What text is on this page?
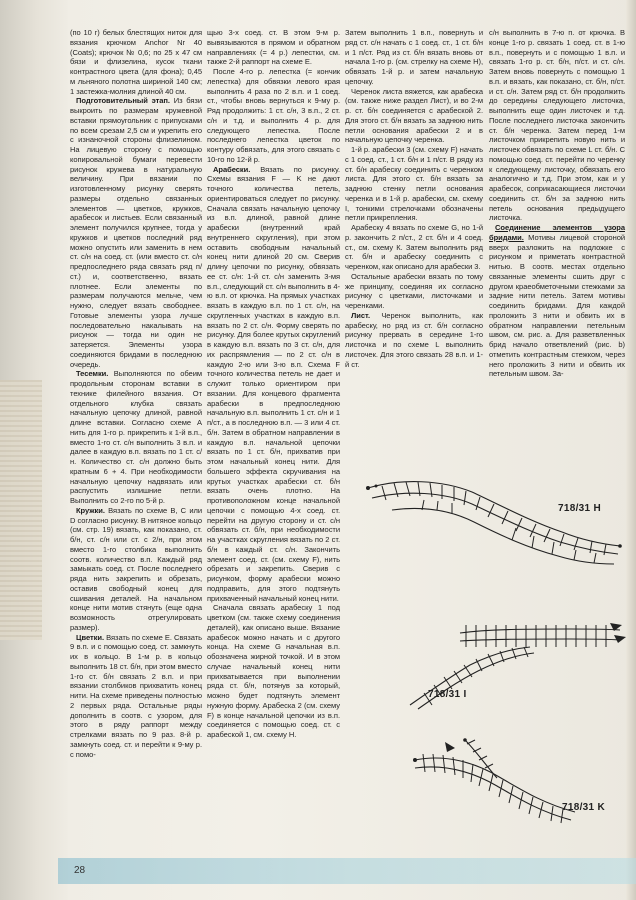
(по 10 г) белых блестящих ниток для вязания крючком Anchor Nr 40 (Coats); крючок № 0,6; по 25 х 47 см бязи и флизелина, кусок ткани контрастного цвета (для фона); 0,45 м льняного полотна шириной 140 см; 1 застежка-молния длиной 40 см.

Подготовительный этап. Из бязи выкроить по размерам кружевной вставки прямоугольник с припусками по всем срезам 2,5 см и укрепить его с изнаночной стороны флизелином. На лицевую сторону с помощью копировальной бумаги перевести рисунок кружева в натуральную величину. При вязании по изготовленному рисунку сверять размеры отдельно связанных элементов — цветков, кружков, арабесок и листьев. Если связанный элемент получился крупнее, тогда у кружков и цветков последний ряд можно опустить или заменить в нем ст. с/н на соед. ст. (или вместо ст. с/н предпоследнего ряда связать ряд п/ст.) и, соответственно, вязать плотнее. Если элементы по размерам получаются мельче, чем нужно, следует вязать свободнее. Готовые элементы узора лучше последовательно накалывать на рисунок — тогда ни один не затеряется. Элементы узора соединяются бридами в последнюю очередь.

Тесемки. Выполняются по обеим продольным сторонам вставки в технике филейного вязания. От отдельного клубка связать начальную цепочку длиной, равной длине вставки. Согласно схеме А нить для 1-го р. прикрепить к 1-й в.п., вместо 1-го ст. с/н выполнить 3 в.п. и далее в каждую в.п. вязать по 1 ст. с/н. Количество ст. с/н должно быть кратным 6 + 4. При необходимости начальную цепочку надвязать или распустить излишние петли. Выполнить со 2-го по 5-й р.

Кружки. Вязать по схеме В, С или D согласно рисунку. В нитяное кольцо (см. стр. 19) вязать, как показано, ст. б/н, ст. с/н или ст. с 2/н, при этом вместо 1-го столбика выполнить соотв. количество в.п. Каждый ряд замыкать соед. ст. После последнего ряда нить закрепить и обрезать, оставив свободный конец для сшивания деталей. На начальном конце нити мотив стянуть (еще одна возможность отрегулировать размер).

Цветки. Вязать по схеме Е. Связать 9 в.п. и с помощью соед. ст. замкнуть их в кольцо. В 1-м р. в кольцо выполнить 18 ст. б/н, при этом вместо 1-го ст. б/н связать 2 в.п. и при вязании столбиков прихватить конец нити. На схеме приведены полностью 2 первых ряда. Остальные ряды дополнить в соотв. с узором, для этого в ряду раппорт между стрелками вязать по 9 раз. 8-й р. замкнуть соед. ст. и перейти к 9-му р. с помо-

щью 3-х соед. ст. В этом 9-м р. вывязываются в прямом и обратном направлениях (= 4 р.) лепестки, см. также 2-й раппорт на схеме Е.

После 4-го р. лепестка (= кончик лепестка) для обвязки левого края выполнить 4 раза по 2 в.п. и 1 соед. ст., чтобы вновь вернуться к 9-му р. Ряд продолжить: 1 ст. с/н, 3 в.п., 2 ст. с/н и т.д. и выполнить 4 р. для следующего лепестка. После последнего лепестка цветок по контуру обвязать, для этого связать с 10-го по 12-й р.

Арабески. Вязать по рисунку. Схемы вязания F — K не дают точного количества петель, ориентироваться следует по рисунку. Сначала связать начальную цепочку из в.п. длиной, равной длине арабески (внутренний край внутреннего скругления), при этом оставить свободным начальный конец нити длиной 20 см. Сверив длину цепочки по рисунку, обвязать ее ст. с/н: 1-й ст. с/н заменить 3-мя в.п., следующий ст. с/н выполнить в 4-ю в.п. от крючка. На прямых участках вязать в каждую в.п. по 1 ст. с/н, на скругленных участках в каждую в.п. вязать по 2 ст. с/н. Форму сверять по рисунку. Для более крутых скруглений в каждую в.п. вязать по 3 ст. с/н, для их распрямления — по 2 ст. с/н в каждую 2-ю или 3-ю в.п. Схема F точного количества петель не дает и служит только ориентиром при вязании. Для концевого фрагмента арабески в предпоследнюю начальную в.п. выполнить 1 ст. с/н и 1 п/ст., а в последнюю в.п. — 3 или 4 ст. б/н. Затем в обратном направлении в каждую в.п. начальной цепочки вязать по 1 ст. б/н, прихватив при этом начальный конец нити. Для большего эффекта скручивания на крутых участках арабески ст. б/н вязать очень плотно. На противоположном конце начальной цепочки с помощью 4-х соед. ст. перейти на другую сторону и ст. с/н обвязать ст. б/н, при необходимости на участках скругления вязать по 2 ст. б/н в каждый ст. с/н. Закончить элемент соед. ст. (см. схему F), нить обрезать и закрепить. Сверив с рисунком, форму арабески можно подправить, для этого подтянуть прихваченный начальный конец нити.

Сначала связать арабеску 1 под цветком (см. также схему соединения деталей), как описано выше. Вязание арабесок можно начать и с другого конца. На схеме G начальная в.п. обозначена жирной точкой. И в этом случае начальный конец нити прихватывается при выполнении ряда ст. б/н, потянув за который, можно будет подтянуть элемент нужную форму. Арабеска 2 (см. схему F) в конце начальной цепочки из в.п. соединяется с помощью соед. ст. с арабеской 1, см. схему Н.

Затем выполнить 1 в.п., повернуть и ряд ст. с/н начать с 1 соед. ст., 1 ст. б/н и 1 п/ст. Ряд из ст. б/н вязать вновь от начала 1-го р. (см. стрелку на схеме Н), обвязать 1-й р. и затем начальную цепочку.

Черенок листа вяжется, как арабеска (см. также ниже раздел Лист), и во 2-м р. ст. б/н соединяется с арабеской 2. Для этого ст. б/н вязать за заднюю нить петли основания арабески 2 и в начальную цепочку черенка.

1-й р. арабески 3 (см. схему F) начать с 1 соед. ст., 1 ст. б/н и 1 п/ст. В ряду из ст. б/н арабеску соединить с черенком листа. Для этого ст. б/н вязать за заднюю стенку петли основания черенка и в 1-й р. арабески, см. схему I, тонкими стрелочками обозначены петли прикрепления.

Арабеску 4 вязать по схеме G, но 1-й р. закончить 2 п/ст., 2 ст. б/н и 4 соед. ст., см. схему К. Затем выполнить ряд ст. б/н и арабеску соединить с черенком, как описано для арабески 3.

Остальные арабески вязать по тому же принципу, соединяя их согласно рисунку с цветками, листочками и черенками.

Лист. Черенок выполнить, как арабеску, но ряд из ст. б/н согласно рисунку прервать в середине 1-го листочка и по схеме L выполнить листочек. Для этого связать 28 в.п. и 1-й ст.

с/н выполнить в 7-ю п. от крючка. В конце 1-го р. связать 1 соед. ст. в 1-ю в.п., повернуть и с помощью 1 в.п. и связать 1-го р. ст. б/н, п/ст. и ст. с/н. Затем вновь повернуть с помощью 1 в.п. и вязать, как показано, ст. б/н, п/ст. и ст. с/н. Затем ряд ст. б/н продолжить до середины следующего листочка, выполнить еще один листочек и т.д. После последнего листочка закончить ст. б/н черенка. Затем перед 1-м листочком прикрепить новую нить и листочек обвязать по схеме L ст. б/н. С помощью соед. ст. перейти по черенку к следующему листочку, обвязать его аналогично и т.д. При этом, как и у арабесок, соприкасающиеся листочки соединить ст. б/н за заднюю нить петель основания предыдущего листочка.

Соединение элементов узора бридами. Мотивы лицевой стороной вверх разложить на подложке с рисунком и приметать контрастной нитью. В соотв. местах отдельно связанные элементы сшить друг с другом краеобметочными стежками за задние нити петель. Затем мотивы соединить бридами. Для каждой проложить 3 нити и обвить их в обратном направлении петельным швом, см. рис. а. Для разветвленных брид начало ответвлений (рис. b) отметить контрастным стежком, через него проложить 3 нити и обвить их петельным швом. За-

718/31 H
718/31 I
718/31 K
28
